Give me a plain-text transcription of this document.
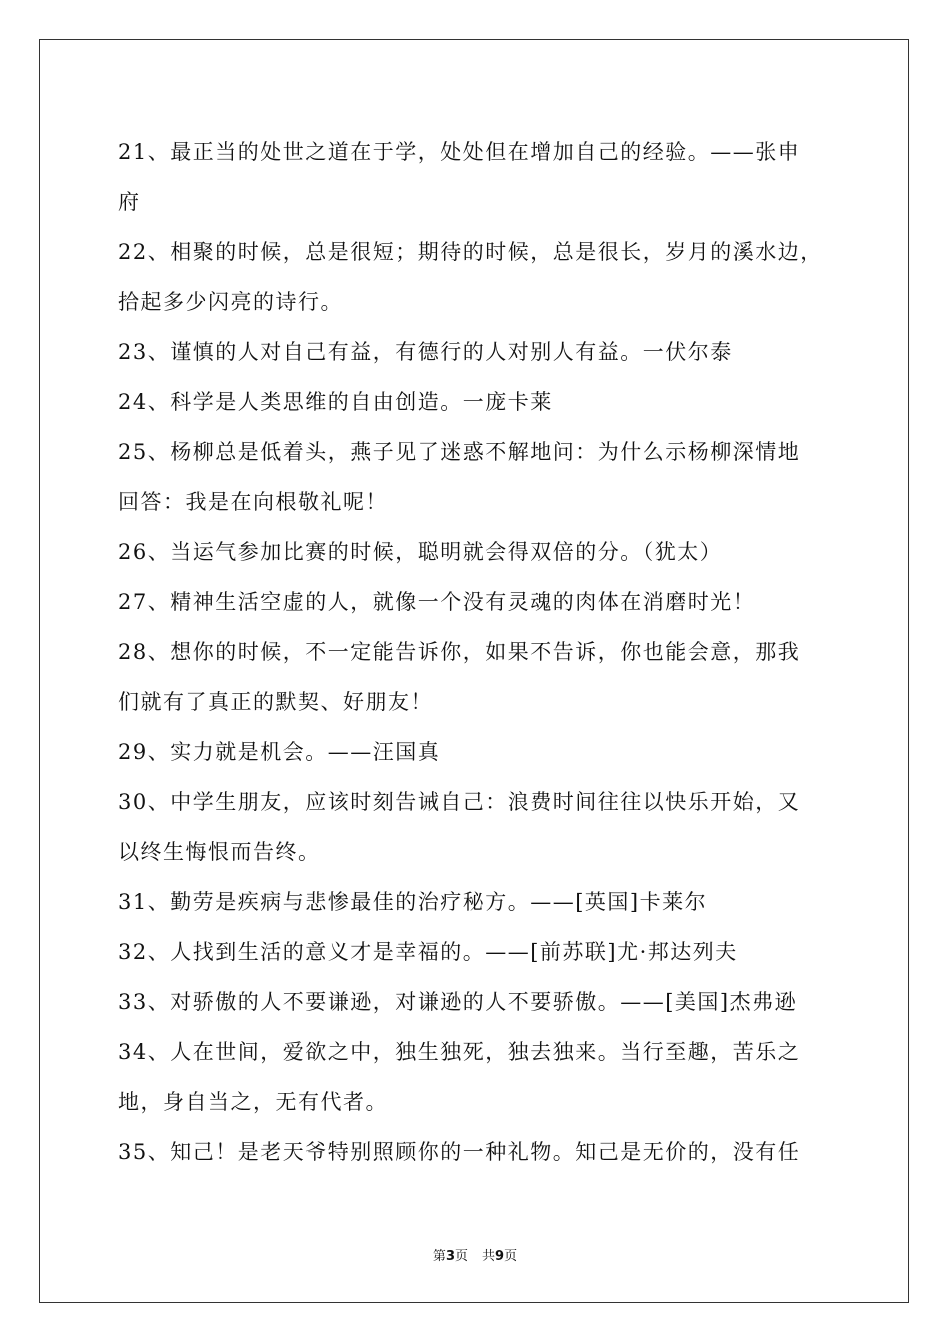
21、最正当的处世之道在于学，处处但在增加自己的经验。——张申
府
22、相聚的时候，总是很短；期待的时候，总是很长，岁月的溪水边，
拾起多少闪亮的诗行。
23、谨慎的人对自己有益，有德行的人对别人有益。一伏尔泰
24、科学是人类思维的自由创造。一庞卡莱
25、杨柳总是低着头，燕子见了迷惑不解地问：为什么示杨柳深情地
回答：我是在向根敬礼呢！
26、当运气参加比赛的时候，聪明就会得双倍的分。（犹太）
27、精神生活空虚的人，就像一个没有灵魂的肉体在消磨时光！
28、想你的时候，不一定能告诉你，如果不告诉，你也能会意，那我
们就有了真正的默契、好朋友！
29、实力就是机会。——汪国真
30、中学生朋友，应该时刻告诫自己：浪费时间往往以快乐开始，又
以终生悔恨而告终。
31、勤劳是疾病与悲惨最佳的治疗秘方。——[英国]卡莱尔
32、人找到生活的意义才是幸福的。——[前苏联]尤·邦达列夫
33、对骄傲的人不要谦逊，对谦逊的人不要骄傲。——[美国]杰弗逊
34、人在世间，爱欲之中，独生独死，独去独来。当行至趣，苦乐之
地，身自当之，无有代者。
35、知己！是老天爷特别照顾你的一种礼物。知己是无价的，没有任
第3页 共9页
